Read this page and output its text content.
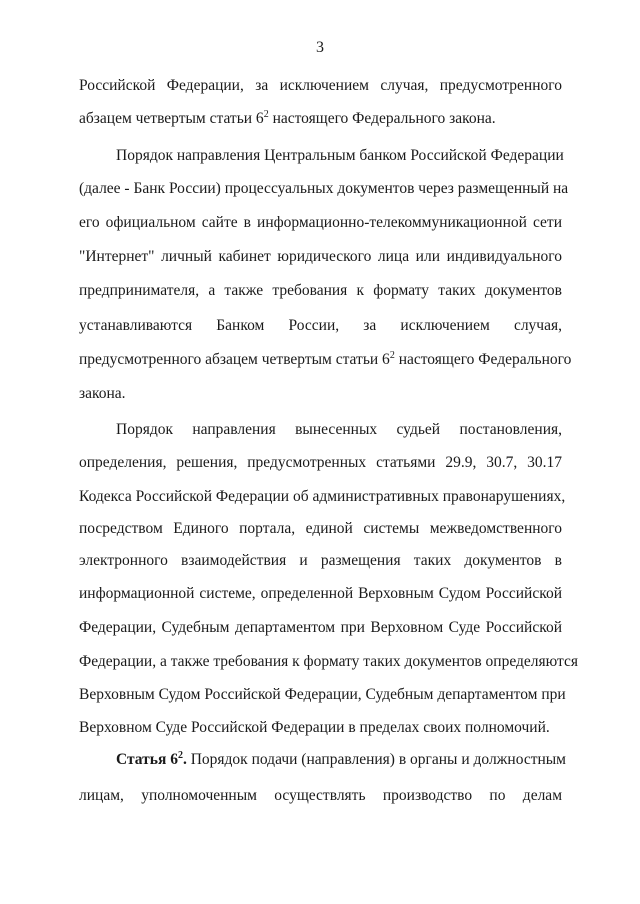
3
Российской Федерации, за исключением случая, предусмотренного
абзацем четвертым статьи $6^2$ настоящего Федерального закона.
Порядок направления Центральным банком Российской Федерации
(далее - Банк России) процессуальных документов через размещенный на
его официальном сайте в информационно-телекоммуникационной сети
"Интернет" личный кабинет юридического лица или индивидуального
предпринимателя, а также требования к формату таких документов
устанавливаются Банком России, за исключением случая,
предусмотренного абзацем четвертым статьи $6^2$ настоящего Федерального
закона.
Порядок направления вынесенных судьей постановления,
определения, решения, предусмотренных статьями 29.9, 30.7, 30.17
Кодекса Российской Федерации об административных правонарушениях,
посредством Единого портала, единой системы межведомственного
электронного взаимодействия и размещения таких документов в
информационной системе, определенной Верховным Судом Российской
Федерации, Судебным департаментом при Верховном Суде Российской
Федерации, а также требования к формату таких документов определяются
Верховным Судом Российской Федерации, Судебным департаментом при
Верховном Суде Российской Федерации в пределах своих полномочий.
Статья $6^2$. Порядок подачи (направления) в органы и должностным
лицам, уполномоченным осуществлять производство по делам
